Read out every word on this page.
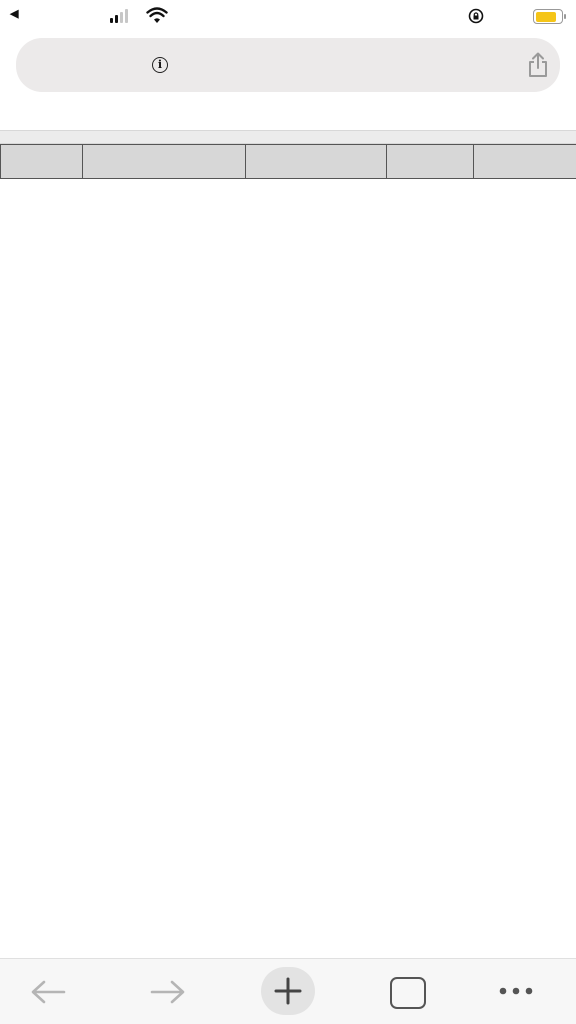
◀
i
